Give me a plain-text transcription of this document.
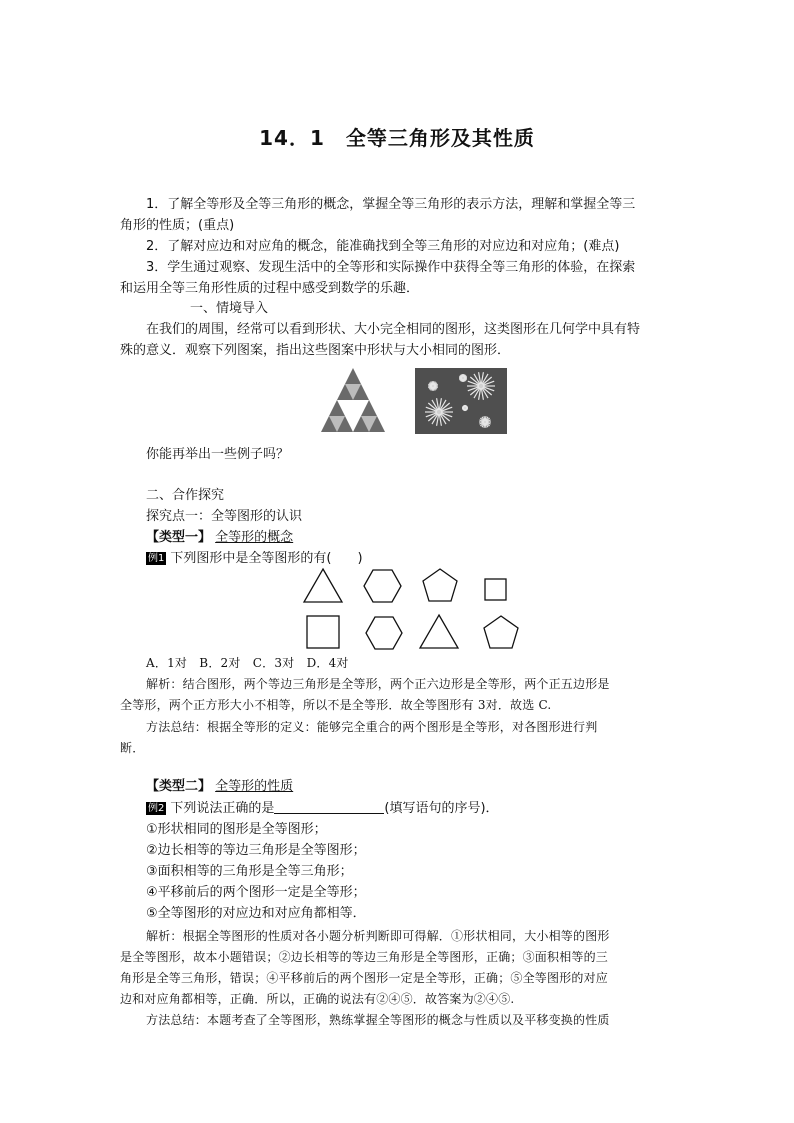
14．1　全等三角形及其性质
1．了解全等形及全等三角形的概念，掌握全等三角形的表示方法，理解和掌握全等三
角形的性质；(重点)
2．了解对应边和对应角的概念，能准确找到全等三角形的对应边和对应角；(难点)
3．学生通过观察、发现生活中的全等形和实际操作中获得全等三角形的体验，在探索
和运用全等三角形性质的过程中感受到数学的乐趣．
一、情境导入
在我们的周围，经常可以看到形状、大小完全相同的图形，这类图形在几何学中具有特
殊的意义．观察下列图案，指出这些图案中形状与大小相同的图形．
你能再举出一些例子吗？
二、合作探究
探究点一：全等图形的认识
【类型一】 全等形的概念
例1 下列图形中是全等图形的有(　　)
A．1对　B．2对　C．3对　D．4对
解析：结合图形，两个等边三角形是全等形，两个正六边形是全等形，两个正五边形是
全等形，两个正方形大小不相等，所以不是全等形．故全等图形有 3对．故选 C.
方法总结：根据全等形的定义：能够完全重合的两个图形是全等形，对各图形进行判
断．
【类型二】 全等形的性质
例2 下列说法正确的是	(填写语句的序号)．
①形状相同的图形是全等图形；
②边长相等的等边三角形是全等图形；
③面积相等的三角形是全等三角形；
④平移前后的两个图形一定是全等形；
⑤全等图形的对应边和对应角都相等．
解析：根据全等图形的性质对各小题分析判断即可得解．①形状相同，大小相等的图形
是全等图形，故本小题错误；②边长相等的等边三角形是全等图形，正确；③面积相等的三
角形是全等三角形，错误；④平移前后的两个图形一定是全等形，正确；⑤全等图形的对应
边和对应角都相等，正确．所以，正确的说法有②④⑤．故答案为②④⑤.
方法总结：本题考查了全等图形，熟练掌握全等图形的概念与性质以及平移变换的性质
